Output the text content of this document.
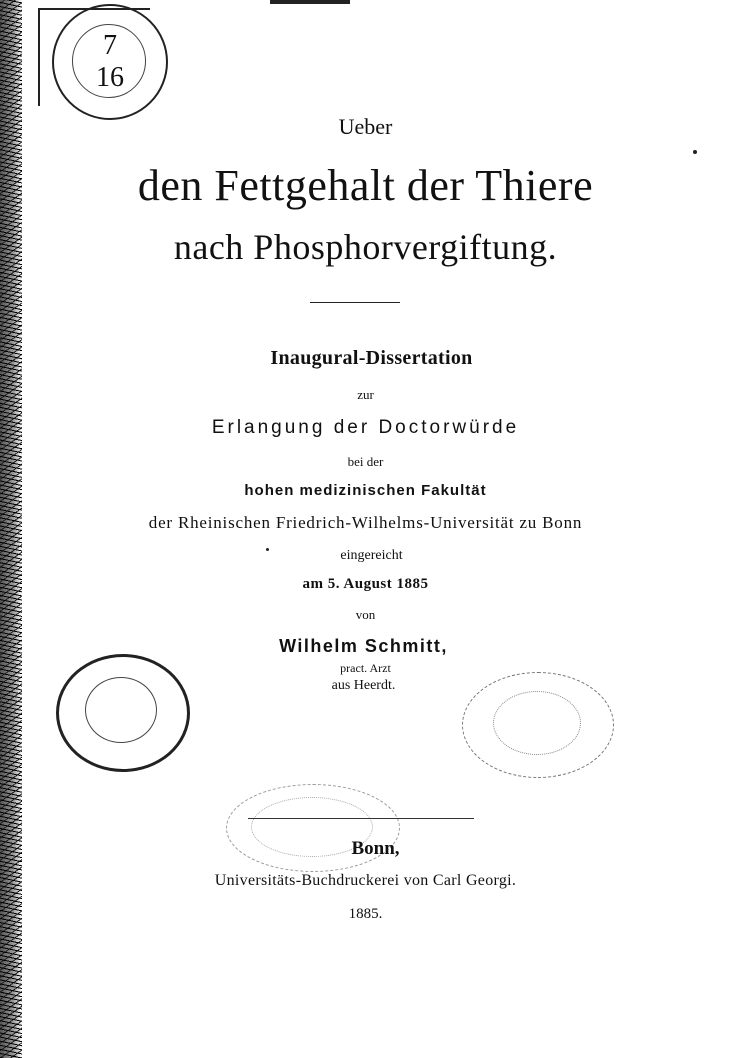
7
16
Ueber
den Fettgehalt der Thiere
nach Phosphorvergiftung.
Inaugural-Dissertation
zur
Erlangung der Doctorwürde
bei der
hohen medizinischen Fakultät
der Rheinischen Friedrich-Wilhelms-Universität zu Bonn
eingereicht
am 5. August 1885
von
Wilhelm Schmitt,
pract. Arzt
aus Heerdt.
Bonn,
Universitäts-Buchdruckerei von Carl Georgi.
1885.
